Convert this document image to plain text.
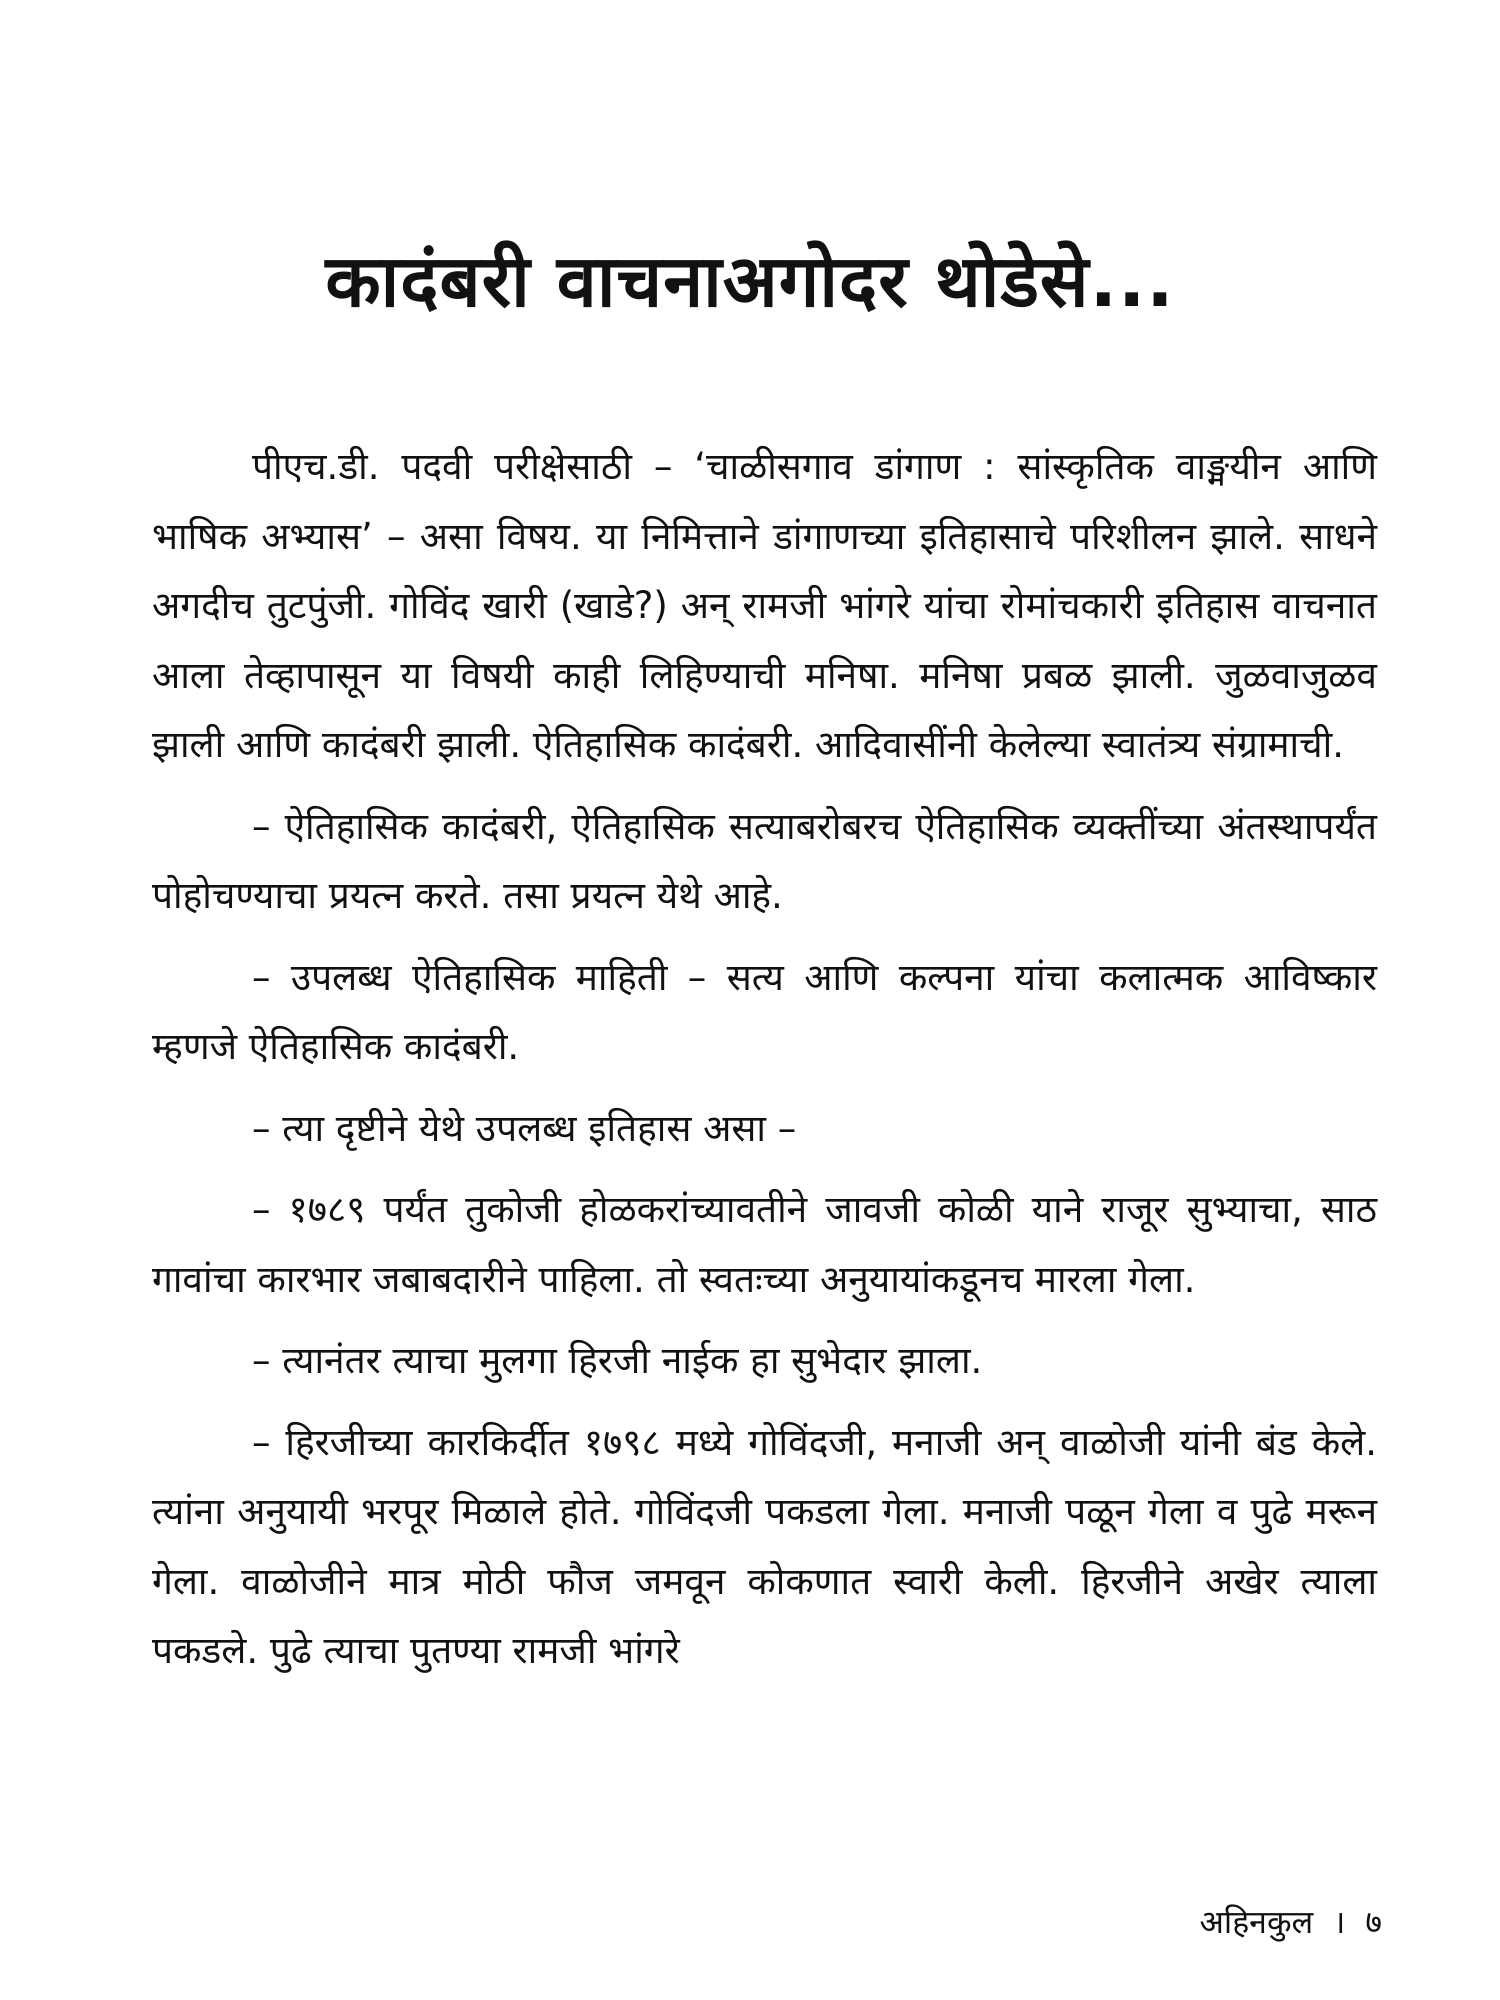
कादंबरी वाचनाअगोदर थोडेसे...

पीएच.डी. पदवी परीक्षेसाठी – ‘चाळीसगाव डांगाण : सांस्कृतिक वाङ्मयीन आणि भाषिक अभ्यास’ – असा विषय. या निमित्ताने डांगाणच्या इतिहासाचे परिशीलन झाले. साधने अगदीच तुटपुंजी. गोविंद खारी (खाडे?) अन् रामजी भांगरे यांचा रोमांचकारी इतिहास वाचनात आला तेव्हापासून या विषयी काही लिहिण्याची मनिषा. मनिषा प्रबळ झाली. जुळवाजुळव झाली आणि कादंबरी झाली. ऐतिहासिक कादंबरी. आदिवासींनी केलेल्या स्वातंत्र्य संग्रामाची.

– ऐतिहासिक कादंबरी, ऐतिहासिक सत्याबरोबरच ऐतिहासिक व्यक्तींच्या अंतस्थापर्यंत पोहोचण्याचा प्रयत्न करते. तसा प्रयत्न येथे आहे.

– उपलब्ध ऐतिहासिक माहिती – सत्य आणि कल्पना यांचा कलात्मक आविष्कार म्हणजे ऐतिहासिक कादंबरी.

– त्या दृष्टीने येथे उपलब्ध इतिहास असा –

– १७८९ पर्यंत तुकोजी होळकरांच्यावतीने जावजी कोळी याने राजूर सुभ्याचा, साठ गावांचा कारभार जबाबदारीने पाहिला. तो स्वतःच्या अनुयायांकडूनच मारला गेला.

– त्यानंतर त्याचा मुलगा हिरजी नाईक हा सुभेदार झाला.

– हिरजीच्या कारकिर्दीत १७९८ मध्ये गोविंदजी, मनाजी अन् वाळोजी यांनी बंड केले. त्यांना अनुयायी भरपूर मिळाले होते. गोविंदजी पकडला गेला. मनाजी पळून गेला व पुढे मरून गेला. वाळोजीने मात्र मोठी फौज जमवून कोकणात स्वारी केली. हिरजीने अखेर त्याला पकडले. पुढे त्याचा पुतण्या रामजी भांगरे

अहिनकुल । ७
